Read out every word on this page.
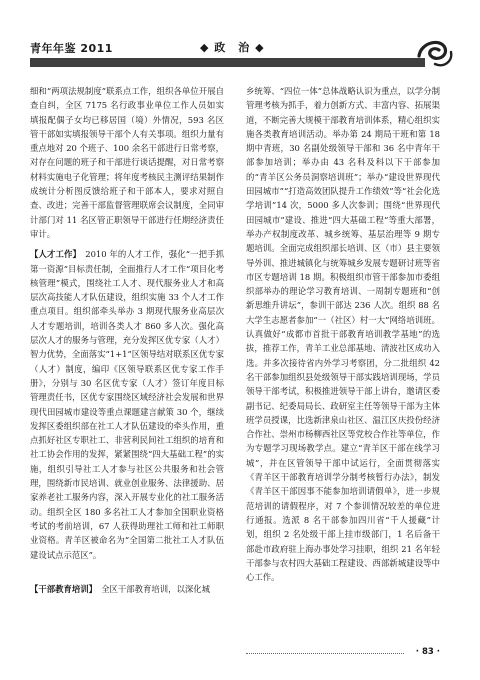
青年年鉴 2011	◆ 政　治 ◆

细和“两项法规制度”联系点工作，组织各单位开展自查自纠，全区 7175 名行政事业单位工作人员如实填报配偶子女均已移居国（境）外情况，593 名区管干部如实填报领导干部个人有关事项。组织力量有重点地对 20 个班子、100 余名干部进行日常考察，对存在问题的班子和干部进行谈话提醒，对日常考察材料实施电子化管理；将年度考核民主测评结果制作成统计分析图反馈给班子和干部本人，要求对照自查、改进；完善干部监督管理联席会议制度，全同审计部门对 11 名区管正职领导干部进行任期经济责任审计。

【人才工作】　 2010 年的人才工作，强化“一把手抓第一资源”目标责任制，全面推行人才工作“项目化考核管理”模式，围绕社工人才、现代服务业人才和高层次高技能人才队伍建设，组织实施 33 个人才工作重点项目。组织部牵头举办 3 期现代服务业高层次人才专题培训，培训各类人才 860 多人次。强化高层次人才的服务与管理，充分发挥区优专家（人才）智力优势，全面落实“1+1”区领导结对联系区优专家（人才）制度，编印《区领导联系区优专家工作手册》，分别与 30 名区优专家（人才）签订年度目标管理责任书，区优专家围绕区域经济社会发展和世界现代田园城市建设等重点课题建言献策 30 个，继续发挥区委组织部在社工人才队伍建设的牵头作用，重点抓好社区专职社工、非营利民间社工组织的培育和社工协会作用的发挥，紧紧围绕“四大基础工程”的实施，组织引导社工人才参与社区公共服务和社会管理，围绕新市民培训、就业创业服务、法律援助、居家养老社工服务内容，深入开展专业化的社工服务活动。组织全区 180 多名社工人才参加全国职业资格考试的考前培训，67 人获得助理社工师和社工师职业资格。青羊区被命名为“全国第二批社工人才队伍建设试点示范区”。

【干部教育培训】　 全区干部教育培训，以深化城

乡统筹、“四位一体”总体战略认识为重点，以学分制管理考核为抓手，着力创新方式、丰富内容、拓展渠道，不断完善大规模干部教育培训体系，精心组织实施各类教育培训活动。举办第 24 期局干班和第 18 期中青班，30 名副处级领导干部和 36 名中青年干部参加培训；举办由 43 名科及科以下干部参加的“青羊区公务员洞察培训班”；举办“建设世界现代田园城市”“打造高效团队提升工作绩效”等“社会化选学培训”14 次，5000 多人次参训；围绕“世界现代田园城市”建设、推进“四大基础工程”等重大部署，举办产权制度改革、城乡统筹、基层治理等 9 期专题培训。全面完成组织部长培训、区（市）县主要领导外训、推进城镇化与统筹城乡发展专题研讨班等省市区专题培训 18 期。积极组织市管干部参加市委组织部举办的理论学习教育培训、一周制专题班和“创新思维升讲坛”，参训干部达 236 人次。组织 88 名大学生志愿者参加“一（社区）村一大”网络培训班。认真做好“成都市首批干部教育培训教学基地”的选拔，推荐工作，青羊工业总部基地、清波社区成功入选。并多次接待省内外学习考察团，分二批组织 42 名干部参加组织县处级领导干部实践培训现场，学员领导干部考试，积极推进领导干部上讲台，邀请区委副书记、纪委局局长、政研室主任等领导干部为主体班学员授课，比选新津泉山社区、温江区庆投份经济合作社、崇州市杨柳西社区等党校合作社等单位，作为专题学习现场教学点。建立“青羊区干部在线学习城”，并在区管领导干部中试运行，全面贯彻落实《青羊区干部教育培训学分制考核暂行办法》，制发《青羊区干部因事不能参加培训请假单》，进一步规范培训的请假程序，对 7 个参训情况较差的单位进行通报。选派 8 名干部参加四川省“千人援藏”计划，组织 2 名处级干部上挂市级部门，1 名后备干部赴市政府驻上海办事处学习挂职，组织 21 名年轻干部参与农村四大基础工程建设、西部新城建设等中心工作。

· 83 ·
